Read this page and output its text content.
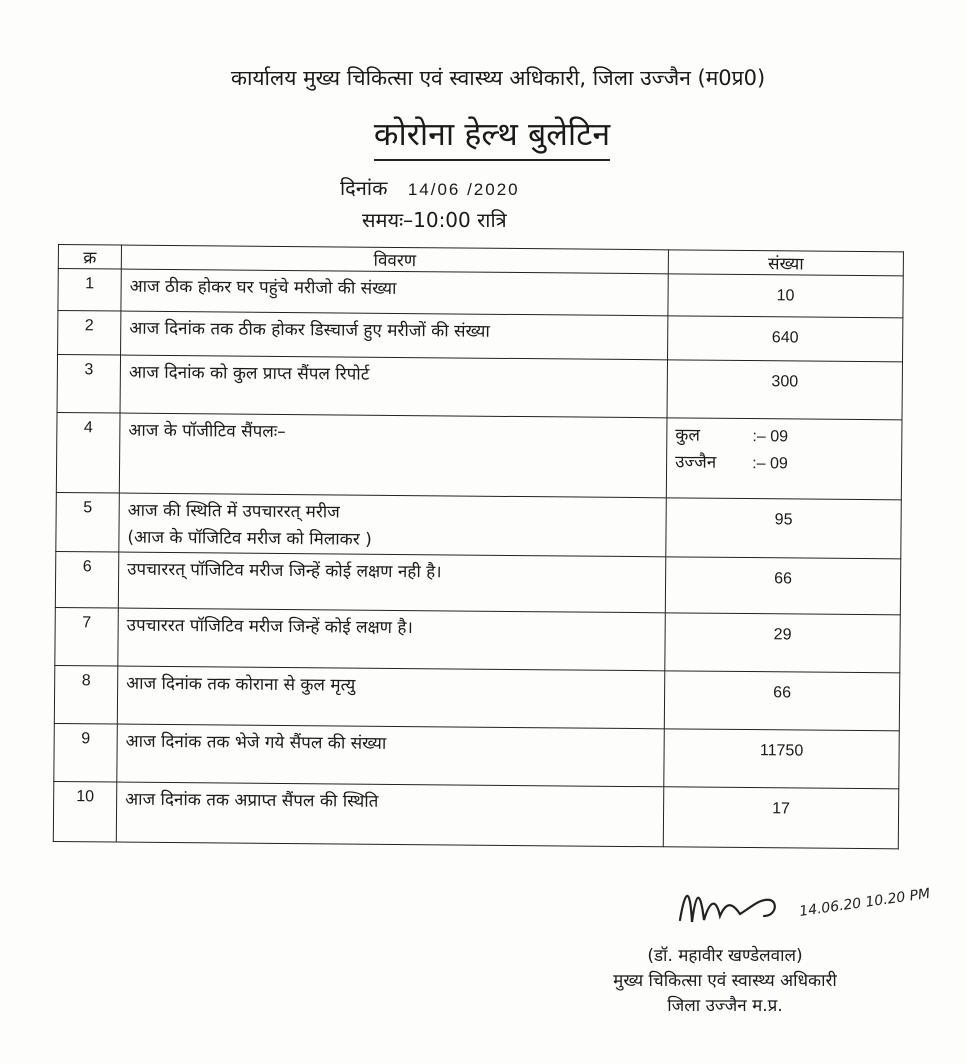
कार्यालय मुख्य चिकित्सा एवं स्वास्थ्य अधिकारी, जिला उज्जैन (म0प्र0)
कोरोना हेल्थ बुलेटिन
दिनांक 14/06 /2020
समयः–10:00 रात्रि
क्र	विवरण	संख्या
1	आज ठीक होकर घर पहुंचे मरीजो की संख्या	10
2	आज दिनांक तक ठीक होकर डिस्चार्ज हुए मरीजों की संख्या	640
3	आज दिनांक को कुल प्राप्त सैंपल रिपोर्ट	300
4	आज के पॉजीटिव सैंपलः–	कुल :– 09
उज्जैन :– 09

5	आज की स्थिति में उपचाररत् मरीज
(आज के पॉजिटिव मरीज को मिलाकर )	95
6	उपचाररत् पॉजिटिव मरीज जिन्हें कोई लक्षण नही है।	66
7	उपचाररत पॉजिटिव मरीज जिन्हें कोई लक्षण है।	29
8	आज दिनांक तक कोराना से कुल मृत्यु	66
9	आज दिनांक तक भेजे गये सैंपल की संख्या	11750
10	आज दिनांक तक अप्राप्त सैंपल की स्थिति	17
14.06.20 10.20 PM
(डॉ. महावीर खण्डेलवाल)
मुख्य चिकित्सा एवं स्वास्थ्य अधिकारी
जिला उज्जैन म.प्र.
